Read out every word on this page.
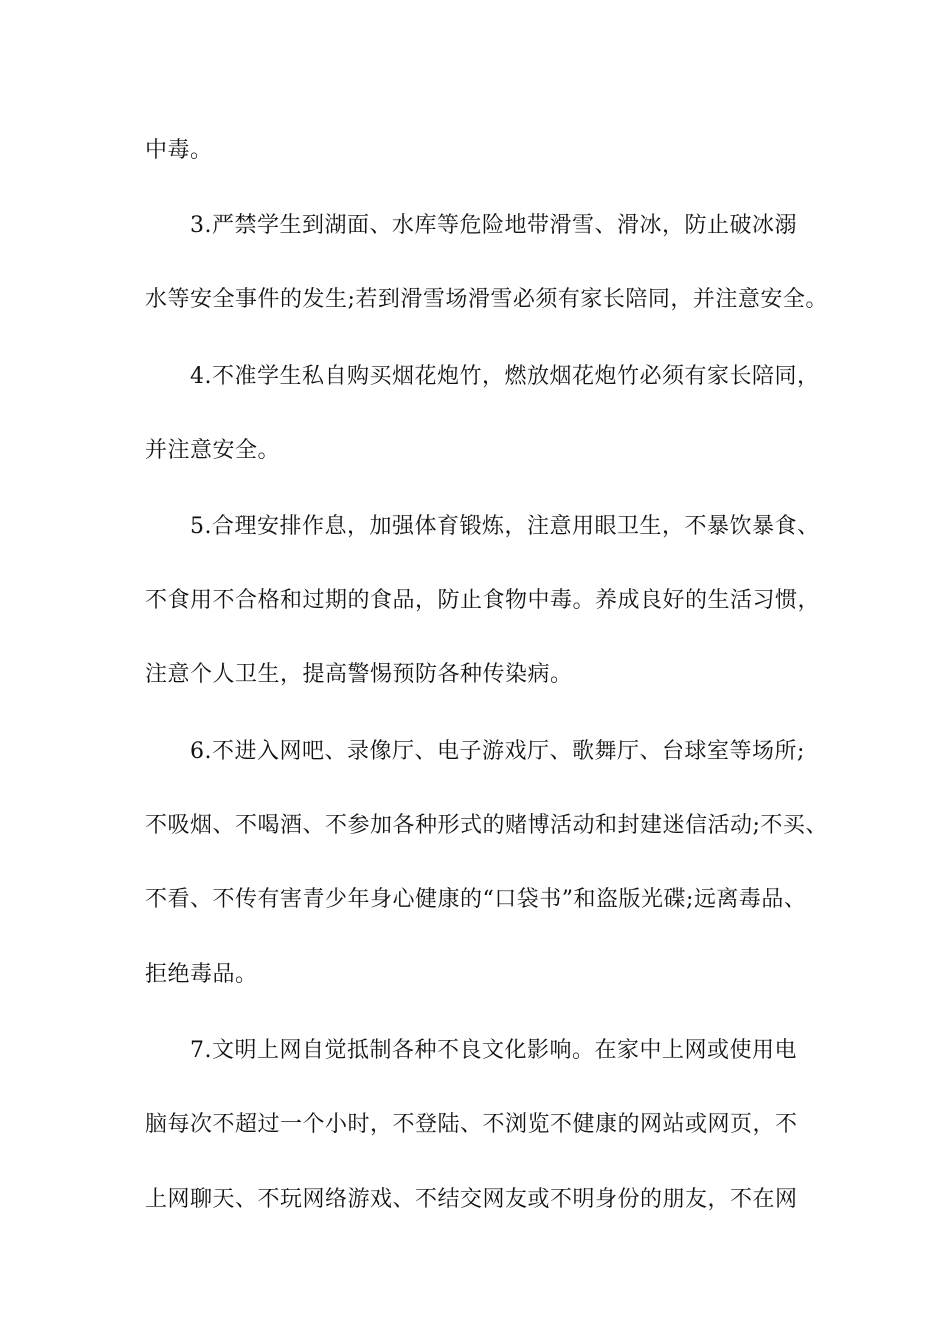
中毒。
3.严禁学生到湖面、水库等危险地带滑雪、滑冰，防止破冰溺
水等安全事件的发生;若到滑雪场滑雪必须有家长陪同，并注意安全。
4.不准学生私自购买烟花炮竹，燃放烟花炮竹必须有家长陪同，
并注意安全。
5.合理安排作息，加强体育锻炼，注意用眼卫生，不暴饮暴食、
不食用不合格和过期的食品，防止食物中毒。养成良好的生活习惯，
注意个人卫生，提高警惕预防各种传染病。
6.不进入网吧、录像厅、电子游戏厅、歌舞厅、台球室等场所;
不吸烟、不喝酒、不参加各种形式的赌博活动和封建迷信活动;不买、
不看、不传有害青少年身心健康的“口袋书”和盗版光碟;远离毒品、
拒绝毒品。
7.文明上网自觉抵制各种不良文化影响。在家中上网或使用电
脑每次不超过一个小时，不登陆、不浏览不健康的网站或网页，不
上网聊天、不玩网络游戏、不结交网友或不明身份的朋友，不在网
